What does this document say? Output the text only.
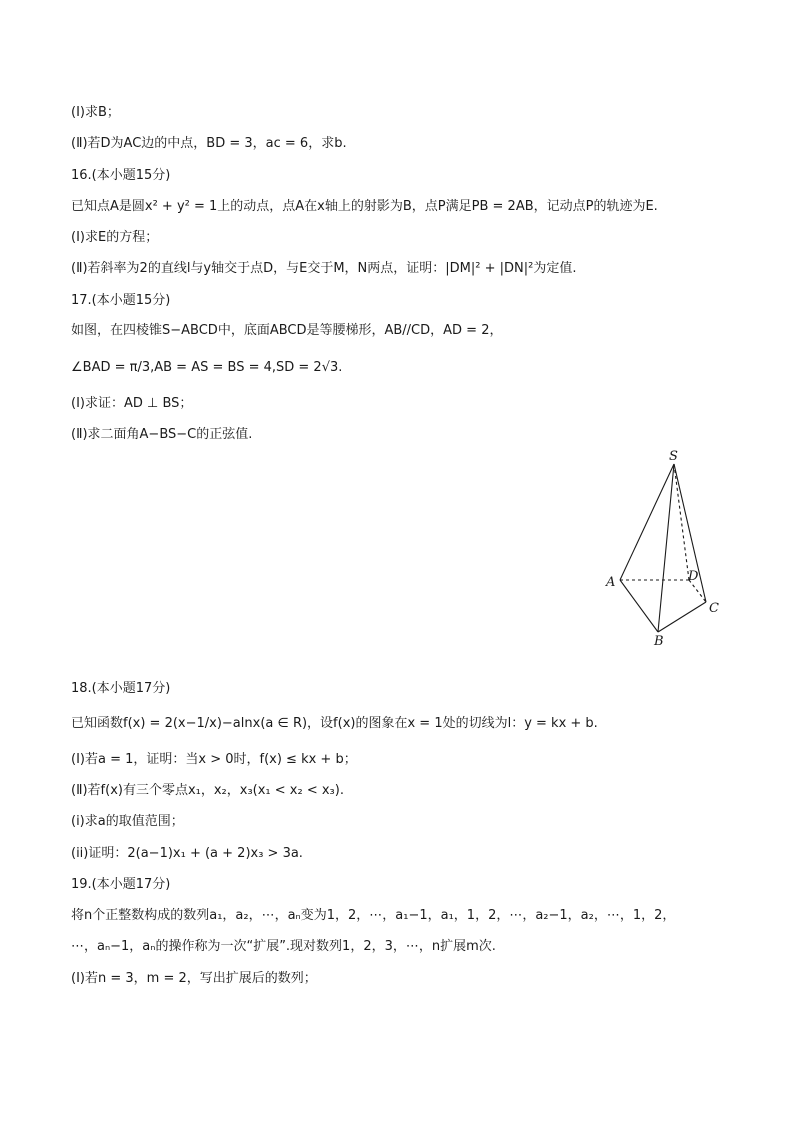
(Ⅰ)求B；
(Ⅱ)若D为AC边的中点，BD = 3，ac = 6，求b.
16.(本小题15分)
已知点A是圆x² + y² = 1上的动点，点A在x轴上的射影为B，点P满足PB = 2AB，记动点P的轨迹为E.
(Ⅰ)求E的方程；
(Ⅱ)若斜率为2的直线l与y轴交于点D，与E交于M，N两点，证明：|DM|² + |DN|²为定值.
17.(本小题15分)
如图，在四棱锥S−ABCD中，底面ABCD是等腰梯形，AB//CD，AD = 2，
∠BAD = π/3,AB = AS = BS = 4,SD = 2√3.
(Ⅰ)求证：AD ⊥ BS；
(Ⅱ)求二面角A−BS−C的正弦值.
S
A
B
C
D
18.(本小题17分)
已知函数f(x) = 2(x−1/x)−alnx(a ∈ R)，设f(x)的图象在x = 1处的切线为l：y = kx + b.
(Ⅰ)若a = 1，证明：当x > 0时，f(x) ≤ kx + b；
(Ⅱ)若f(x)有三个零点x₁，x₂，x₃(x₁ < x₂ < x₃).
(i)求a的取值范围；
(ii)证明：2(a−1)x₁ + (a + 2)x₃ > 3a.
19.(本小题17分)
将n个正整数构成的数列a₁，a₂，⋯，aₙ变为1，2，⋯，a₁−1，a₁，1，2，⋯，a₂−1，a₂，⋯，1，2，
⋯，aₙ−1，aₙ的操作称为一次“扩展”.现对数列1，2，3，⋯，n扩展m次.
(Ⅰ)若n = 3，m = 2，写出扩展后的数列；
